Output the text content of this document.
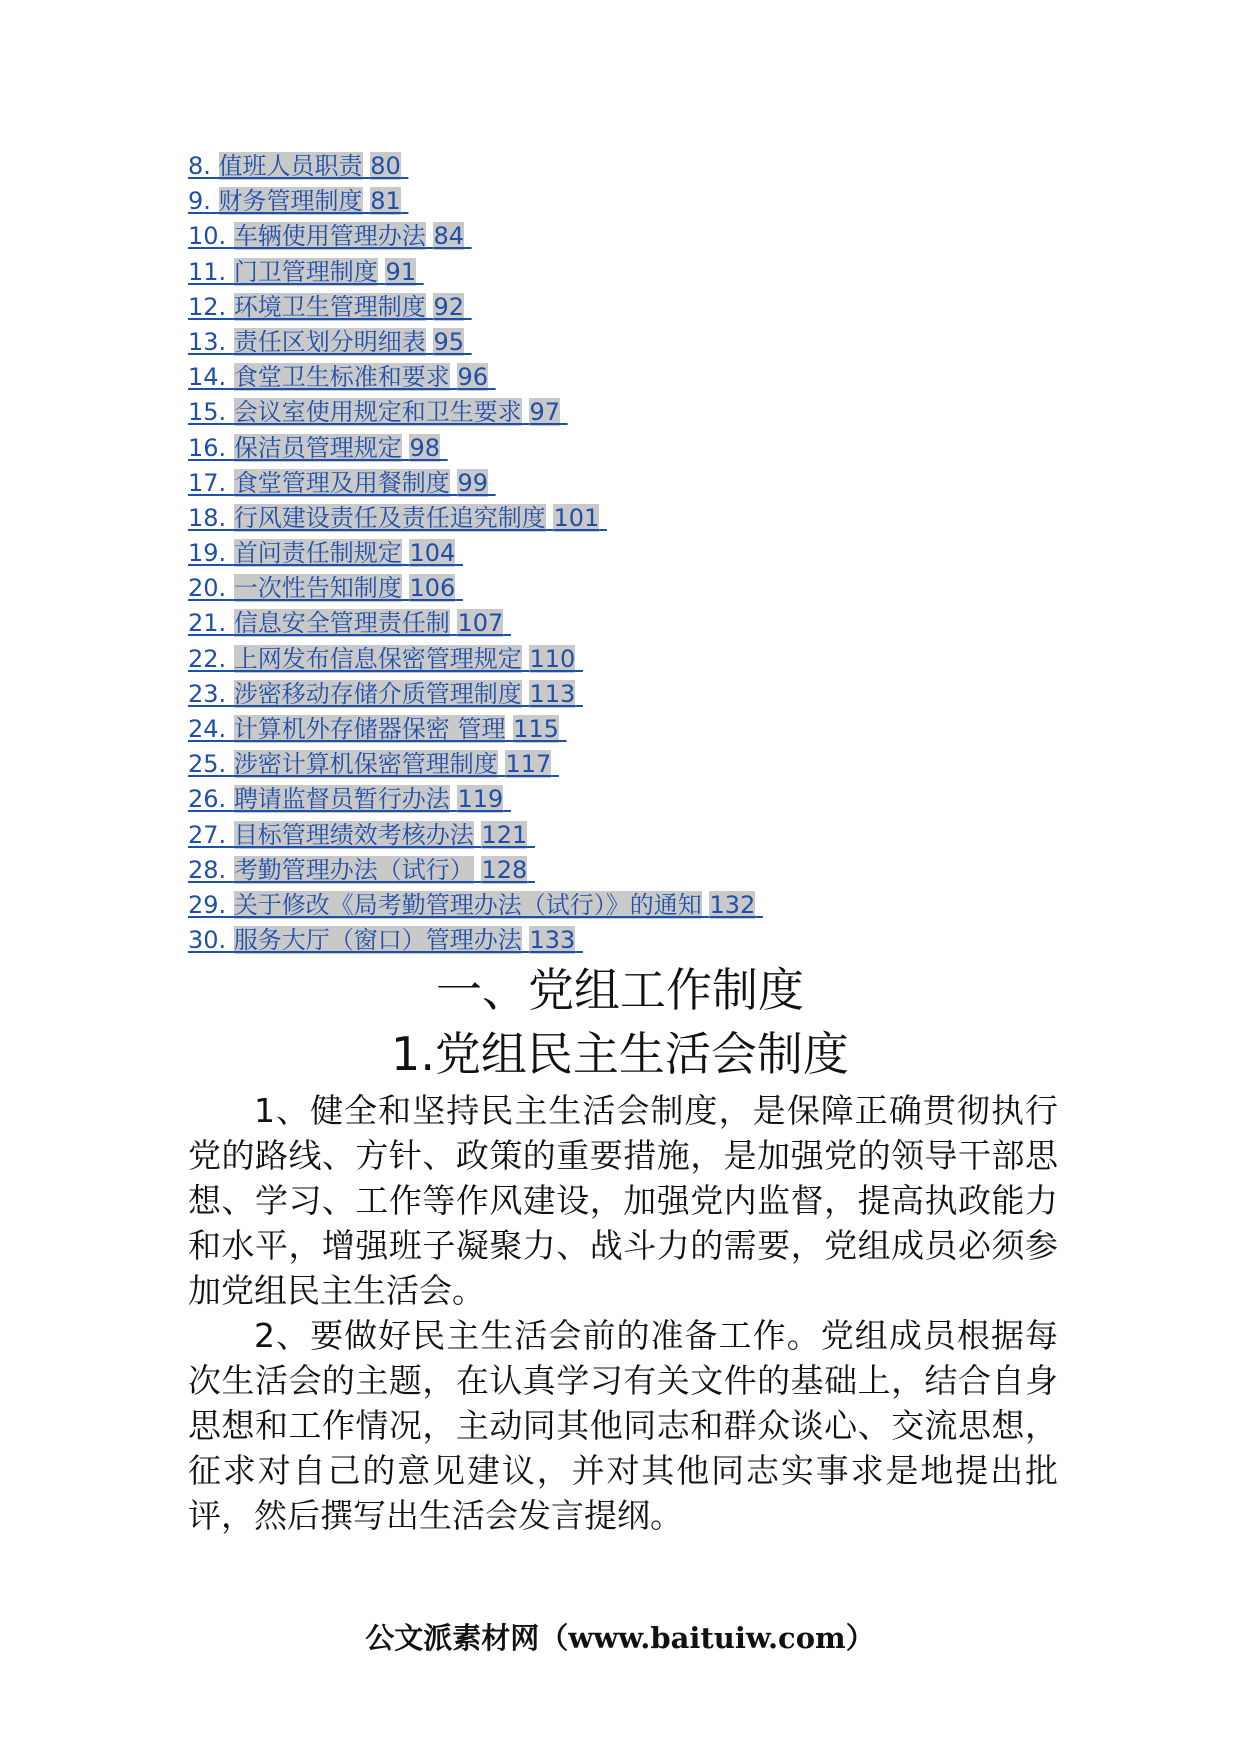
8. 值班人员职责 80
9. 财务管理制度 81
10. 车辆使用管理办法 84
11. 门卫管理制度 91
12. 环境卫生管理制度 92
13. 责任区划分明细表 95
14. 食堂卫生标准和要求 96
15. 会议室使用规定和卫生要求 97
16. 保洁员管理规定 98
17. 食堂管理及用餐制度 99
18. 行风建设责任及责任追究制度 101
19. 首问责任制规定 104
20. 一次性告知制度 106
21. 信息安全管理责任制 107
22. 上网发布信息保密管理规定 110
23. 涉密移动存储介质管理制度 113
24. 计算机外存储器保密 管理 115
25. 涉密计算机保密管理制度 117
26. 聘请监督员暂行办法 119
27. 目标管理绩效考核办法 121
28. 考勤管理办法（试行） 128
29. 关于修改《局考勤管理办法（试行）》的通知 132
30. 服务大厅（窗口）管理办法 133
一、党组工作制度
1.党组民主生活会制度

1、健全和坚持民主生活会制度，是保障正确贯彻执行党的路线、方针、政策的重要措施，是加强党的领导干部思想、学习、工作等作风建设，加强党内监督，提高执政能力和水平，增强班子凝聚力、战斗力的需要，党组成员必须参加党组民主生活会。

2、要做好民主生活会前的准备工作。党组成员根据每次生活会的主题，在认真学习有关文件的基础上，结合自身思想和工作情况，主动同其他同志和群众谈心、交流思想，征求对自己的意见建议，并对其他同志实事求是地提出批评，然后撰写出生活会发言提纲。

公文派素材网（www.baituiw.com）
